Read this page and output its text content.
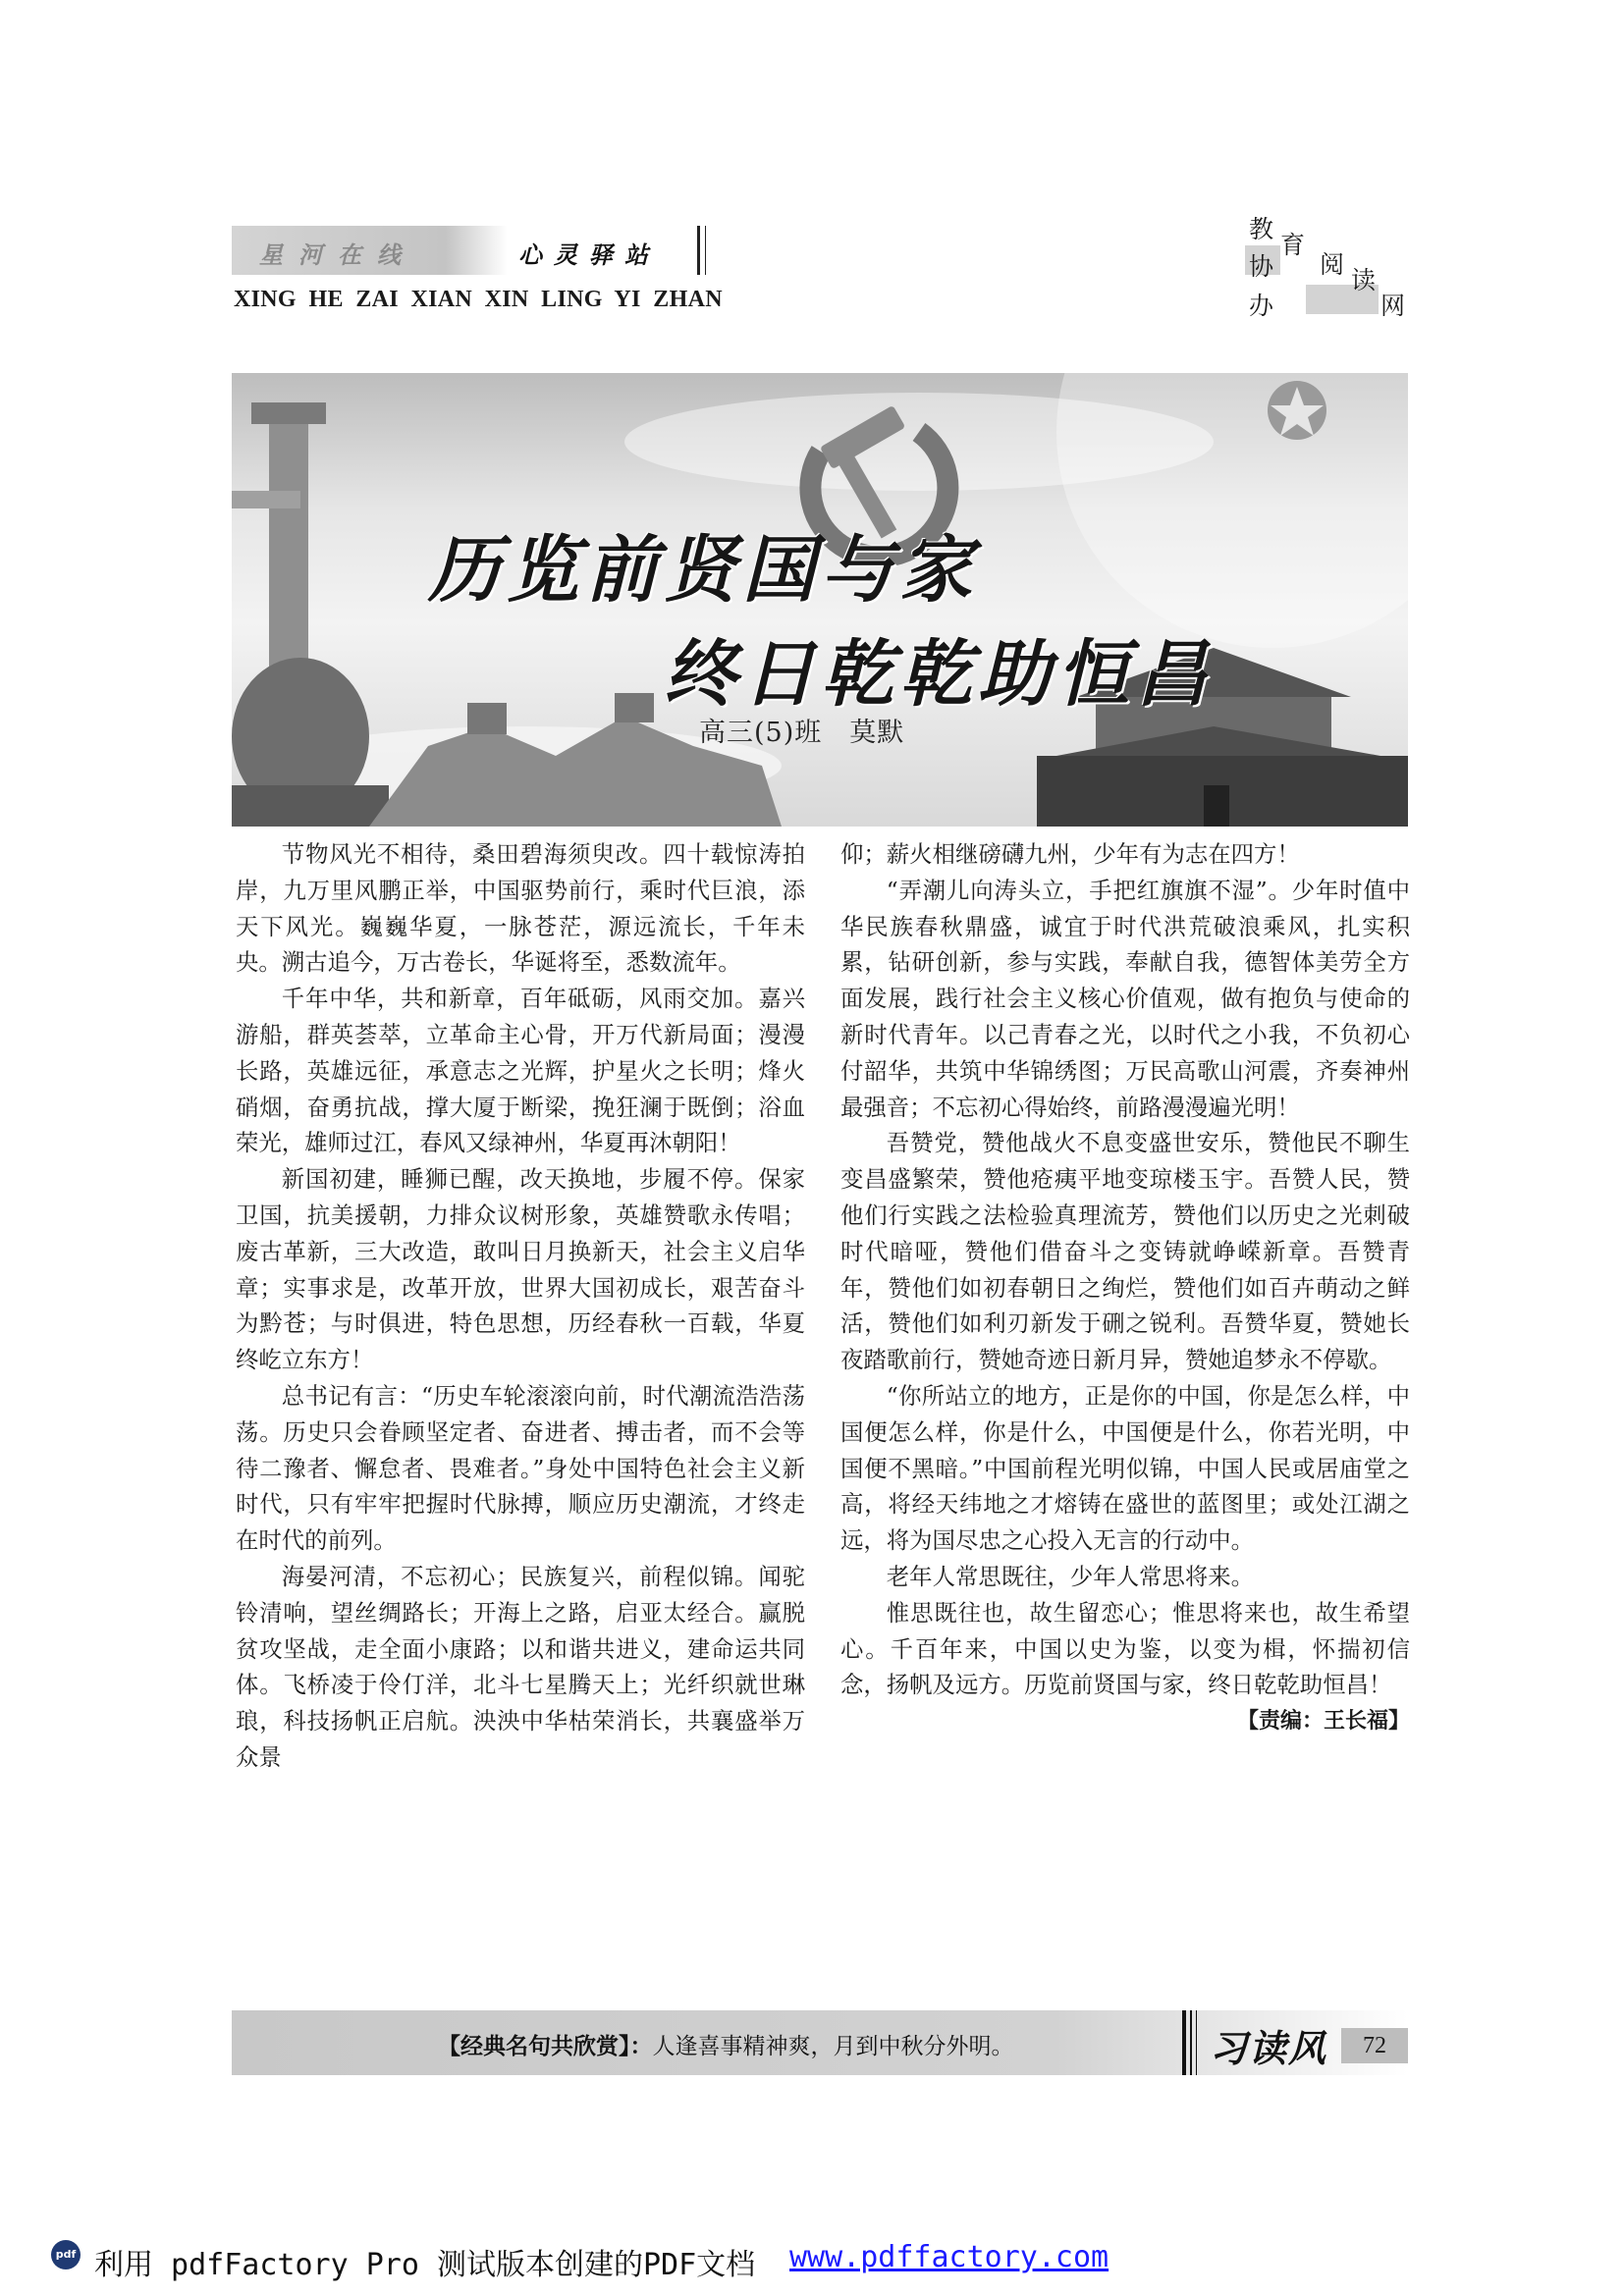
星河在线	心灵驿站
XING  HE  ZAI  XIAN  XIN  LING  YI  ZHAN
教
育
协 阅
读
办	网
历览前贤国与家
终日乾乾助恒昌
高三(5)班　莫默

节物风光不相待，桑田碧海须臾改。四十载惊涛拍岸，九万里风鹏正举，中国驱势前行，乘时代巨浪，添天下风光。巍巍华夏，一脉苍茫，源远流长，千年未央。溯古追今，万古卷长，华诞将至，悉数流年。

千年中华，共和新章，百年砥砺，风雨交加。嘉兴游船，群英荟萃，立革命主心骨，开万代新局面；漫漫长路，英雄远征，承意志之光辉，护星火之长明；烽火硝烟，奋勇抗战，撑大厦于断梁，挽狂澜于既倒；浴血荣光，雄师过江，春风又绿神州，华夏再沐朝阳！

新国初建，睡狮已醒，改天换地，步履不停。保家卫国，抗美援朝，力排众议树形象，英雄赞歌永传唱；废古革新，三大改造，敢叫日月换新天，社会主义启华章；实事求是，改革开放，世界大国初成长，艰苦奋斗为黔苍；与时俱进，特色思想，历经春秋一百载，华夏终屹立东方！

总书记有言：“历史车轮滚滚向前，时代潮流浩浩荡荡。历史只会眷顾坚定者、奋进者、搏击者，而不会等待二豫者、懈怠者、畏难者。”身处中国特色社会主义新时代，只有牢牢把握时代脉搏，顺应历史潮流，才终走在时代的前列。

海晏河清，不忘初心；民族复兴，前程似锦。闻驼铃清响，望丝绸路长；开海上之路，启亚太经合。赢脱贫攻坚战，走全面小康路；以和谐共进义，建命运共同体。飞桥凌于伶仃洋，北斗七星腾天上；光纤织就世琳琅，科技扬帆正启航。泱泱中华枯荣消长，共襄盛举万众景

仰；薪火相继磅礴九州，少年有为志在四方！

“弄潮儿向涛头立，手把红旗旗不湿”。少年时值中华民族春秋鼎盛，诚宜于时代洪荒破浪乘风，扎实积累，钻研创新，参与实践，奉献自我，德智体美劳全方面发展，践行社会主义核心价值观，做有抱负与使命的新时代青年。以己青春之光，以时代之小我，不负初心付韶华，共筑中华锦绣图；万民高歌山河震，齐奏神州最强音；不忘初心得始终，前路漫漫遍光明！

吾赞党，赞他战火不息变盛世安乐，赞他民不聊生变昌盛繁荣，赞他疮痍平地变琼楼玉宇。吾赞人民，赞他们行实践之法检验真理流芳，赞他们以历史之光刺破时代暗哑，赞他们借奋斗之变铸就峥嵘新章。吾赞青年，赞他们如初春朝日之绚烂，赞他们如百卉萌动之鲜活，赞他们如利刃新发于硎之锐利。吾赞华夏，赞她长夜踏歌前行，赞她奇迹日新月异，赞她追梦永不停歇。

“你所站立的地方，正是你的中国，你是怎么样，中国便怎么样，你是什么，中国便是什么，你若光明，中国便不黑暗。”中国前程光明似锦，中国人民或居庙堂之高，将经天纬地之才熔铸在盛世的蓝图里；或处江湖之远，将为国尽忠之心投入无言的行动中。

老年人常思既往，少年人常思将来。

惟思既往也，故生留恋心；惟思将来也，故生希望心。千百年来，中国以史为鉴，以变为楫，怀揣初信念，扬帆及远方。历览前贤国与家，终日乾乾助恒昌！

【责编：王长福】
【经典名句共欣赏】：人逢喜事精神爽，月到中秋分外明。	习读风	72
pdf 利用 pdfFactory Pro 测试版本创建的PDF文档 www.pdffactory.com
